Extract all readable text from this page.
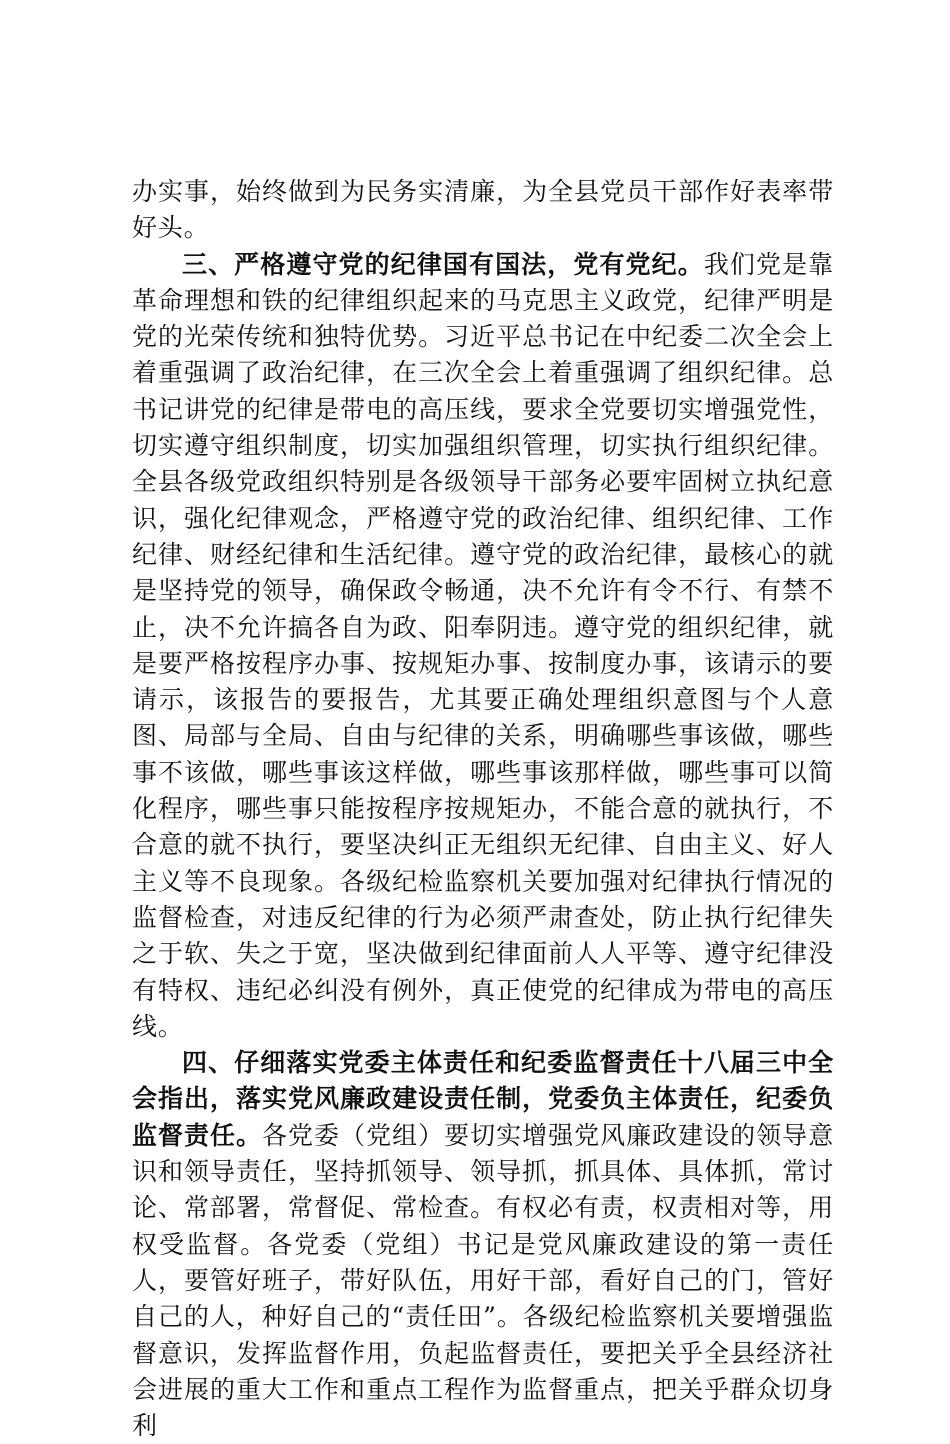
办实事，始终做到为民务实清廉，为全县党员干部作好表率带好头。

三、严格遵守党的纪律国有国法，党有党纪。我们党是靠革命理想和铁的纪律组织起来的马克思主义政党，纪律严明是党的光荣传统和独特优势。习近平总书记在中纪委二次全会上着重强调了政治纪律，在三次全会上着重强调了组织纪律。总书记讲党的纪律是带电的高压线，要求全党要切实增强党性，切实遵守组织制度，切实加强组织管理，切实执行组织纪律。全县各级党政组织特别是各级领导干部务必要牢固树立执纪意识，强化纪律观念，严格遵守党的政治纪律、组织纪律、工作纪律、财经纪律和生活纪律。遵守党的政治纪律，最核心的就是坚持党的领导，确保政令畅通，决不允许有令不行、有禁不止，决不允许搞各自为政、阳奉阴违。遵守党的组织纪律，就是要严格按程序办事、按规矩办事、按制度办事，该请示的要请示，该报告的要报告，尤其要正确处理组织意图与个人意图、局部与全局、自由与纪律的关系，明确哪些事该做，哪些事不该做，哪些事该这样做，哪些事该那样做，哪些事可以简化程序，哪些事只能按程序按规矩办，不能合意的就执行，不合意的就不执行，要坚决纠正无组织无纪律、自由主义、好人主义等不良现象。各级纪检监察机关要加强对纪律执行情况的监督检查，对违反纪律的行为必须严肃查处，防止执行纪律失之于软、失之于宽，坚决做到纪律面前人人平等、遵守纪律没有特权、违纪必纠没有例外，真正使党的纪律成为带电的高压线。

四、仔细落实党委主体责任和纪委监督责任十八届三中全会指出，落实党风廉政建设责任制，党委负主体责任，纪委负监督责任。各党委（党组）要切实增强党风廉政建设的领导意识和领导责任，坚持抓领导、领导抓，抓具体、具体抓，常讨论、常部署，常督促、常检查。有权必有责，权责相对等，用权受监督。各党委（党组）书记是党风廉政建设的第一责任人，要管好班子，带好队伍，用好干部，看好自己的门，管好自己的人，种好自己的“责任田”。各级纪检监察机关要增强监督意识，发挥监督作用，负起监督责任，要把关乎全县经济社会进展的重大工作和重点工程作为监督重点，把关乎群众切身利
